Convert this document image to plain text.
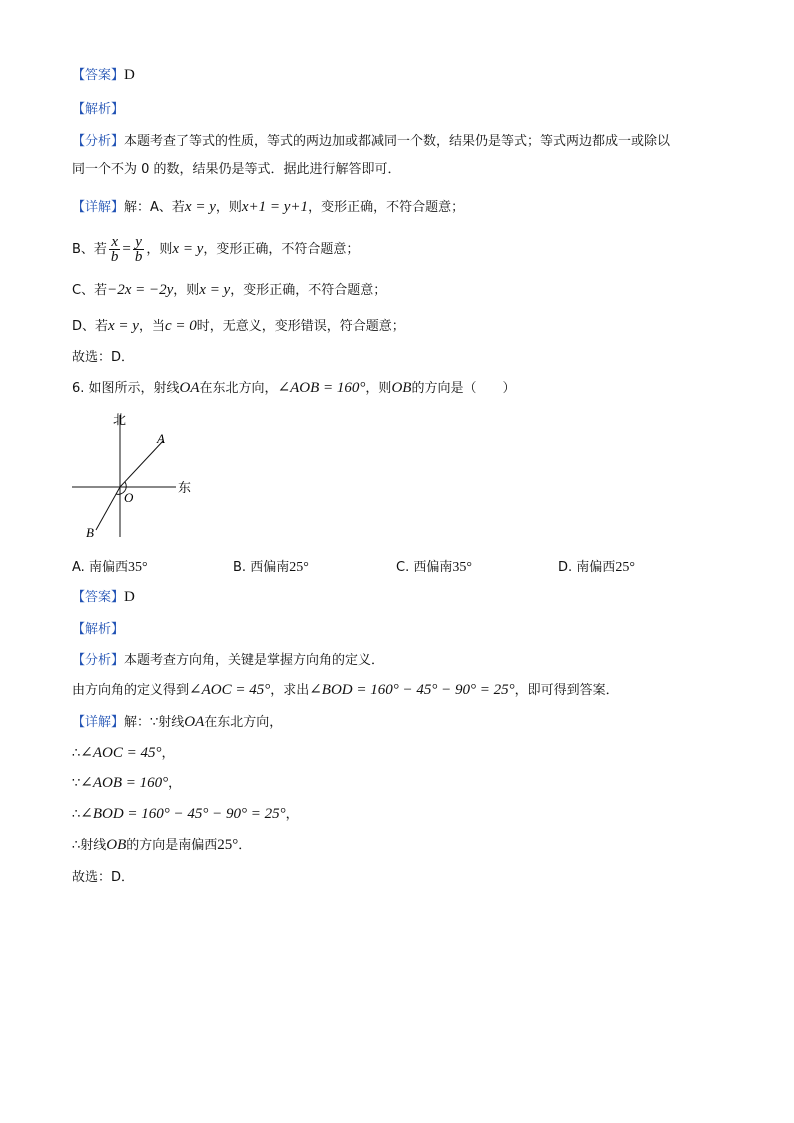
【答案】D
【解析】
【分析】本题考查了等式的性质，等式的两边加或都减同一个数，结果仍是等式；等式两边都成一或除以
同一个不为 0 的数，结果仍是等式．据此进行解答即可．
【详解】解：A、若x = y，则x+1 = y+1，变形正确，不符合题意；
B、若 $\frac{x}{b} = \frac{y}{b}$ ，则x = y，变形正确，不符合题意；
C、若−2x = −2y，则x = y，变形正确，不符合题意；
D、若x = y，当c = 0时，无意义，变形错误，符合题意；
故选：D．
6. 如图所示，射线OA在东北方向，∠AOB = 160°，则OB的方向是（　　）
北
东
A
O
B
A. 南偏西35°	B. 西偏南25°	C. 西偏南35°	D. 南偏西25°
【答案】D
【解析】
【分析】本题考查方向角，关键是掌握方向角的定义．
由方向角的定义得到∠AOC = 45°，求出∠BOD = 160° − 45° − 90° = 25°，即可得到答案．
【详解】解：∵射线OA在东北方向，
∴∠AOC = 45°，
∵∠AOB = 160°，
∴∠BOD = 160° − 45° − 90° = 25°，
∴射线OB的方向是南偏西25°．
故选：D．
